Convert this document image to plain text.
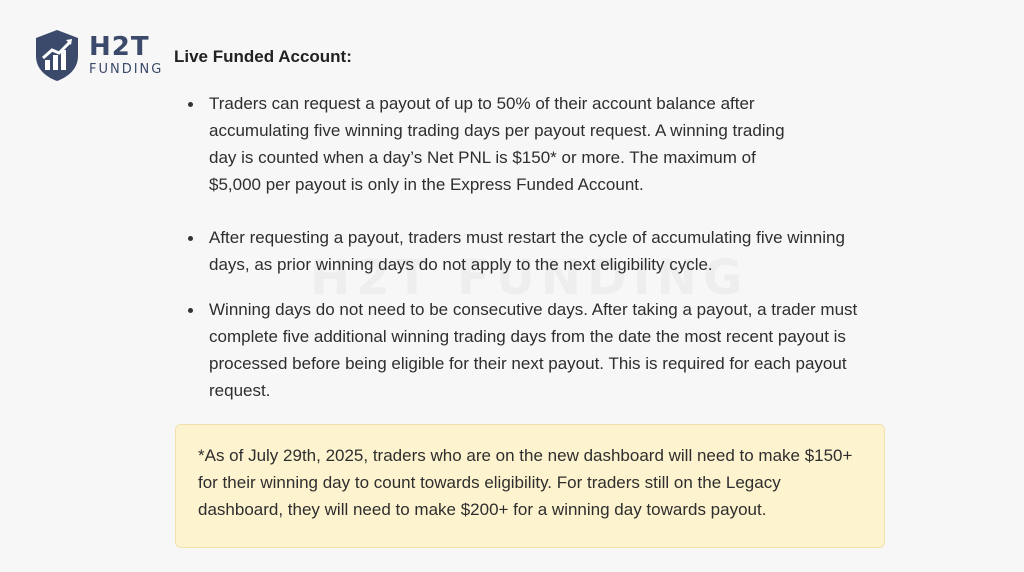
H2T
FUNDING
Live Funded Account:
Traders can request a payout of up to 50% of their account balance after accumulating five winning trading days per payout request. A winning trading day is counted when a day’s Net PNL is $150* or more. The maximum of $5,000 per payout is only in the Express Funded Account.
After requesting a payout, traders must restart the cycle of accumulating five winning days, as prior winning days do not apply to the next eligibility cycle.
Winning days do not need to be consecutive days. After taking a payout, a trader must complete five additional winning trading days from the date the most recent payout is processed before being eligible for their next payout. This is required for each payout request.
*As of July 29th, 2025, traders who are on the new dashboard will need to make $150+ for their winning day to count towards eligibility. For traders still on the Legacy dashboard, they will need to make $200+ for a winning day towards payout.
